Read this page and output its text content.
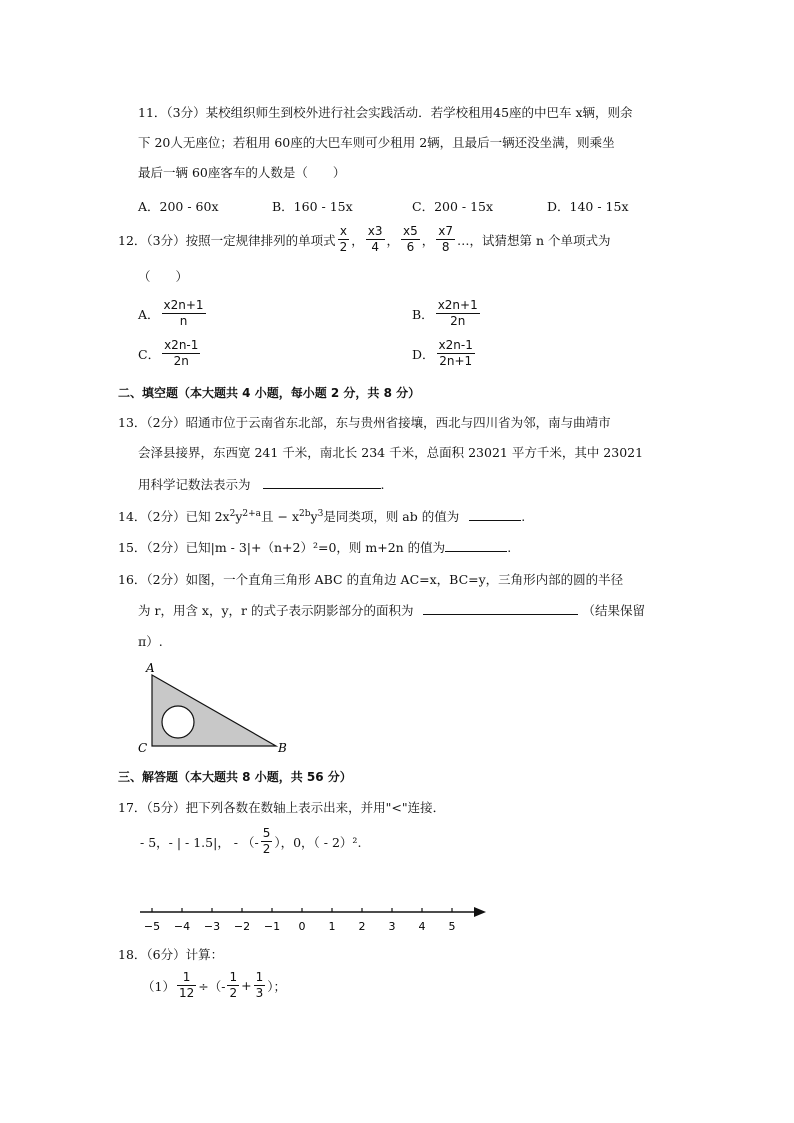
11．（3分）某校组织师生到校外进行社会实践活动．若学校租用45座的中巴车 x辆，则余
下 20人无座位；若租用 60座的大巴车则可少租用 2辆，且最后一辆还没坐满，则乘坐
最后一辆 60座客车的人数是（　　）
A．200 - 60x	B．160 - 15x	C．200 - 15x	D．140 - 15x
12．（3分）按照一定规律排列的单项式 $\frac{x}{2}$ ， $\frac{x3}{4}$ ， $\frac{x5}{6}$ ， $\frac{x7}{8}$ …，试猜想第 n 个单项式为
（　　）
A． $\frac{x2n+1}{n}$	B． $\frac{x2n+1}{2n}$
C． $\frac{x2n-1}{2n}$	D． $\frac{x2n-1}{2n+1}$
二、填空题（本大题共 4 小题，每小题 2 分，共 8 分）
13．（2分）昭通市位于云南省东北部，东与贵州省接壤，西北与四川省为邻，南与曲靖市
会泽县接界，东西宽 241 千米，南北长 234 千米，总面积 23021 平方千米，其中 23021
用科学记数法表示为	.
14．（2分）已知 $2x^2y^{2+a}$且 − $x^{2b}y^3$是同类项，则 ab 的值为	.
15．（2分）已知|m - 3|+（n+2）²=0，则 m+2n 的值为	.
16．（2分）如图，一个直角三角形 ABC 的直角边 AC=x，BC=y，三角形内部的圆的半径
为 r，用含 x，y，r 的式子表示阴影部分的面积为	（结果保留
π）.
A
C	B
三、解答题（本大题共 8 小题，共 56 分）
17．（5分）把下列各数在数轴上表示出来，并用"<"连接．
- 5，- | - 1.5|， - （- $\frac{5}{2}$ ），0，（ - 2）².
−5 −4 −3 −2 −1 0 1 2 3 4 5
18．（6分）计算：
$(1) \frac{1}{12}$ ÷（- $\frac{1}{2} + \frac{1}{3}$ ）；
